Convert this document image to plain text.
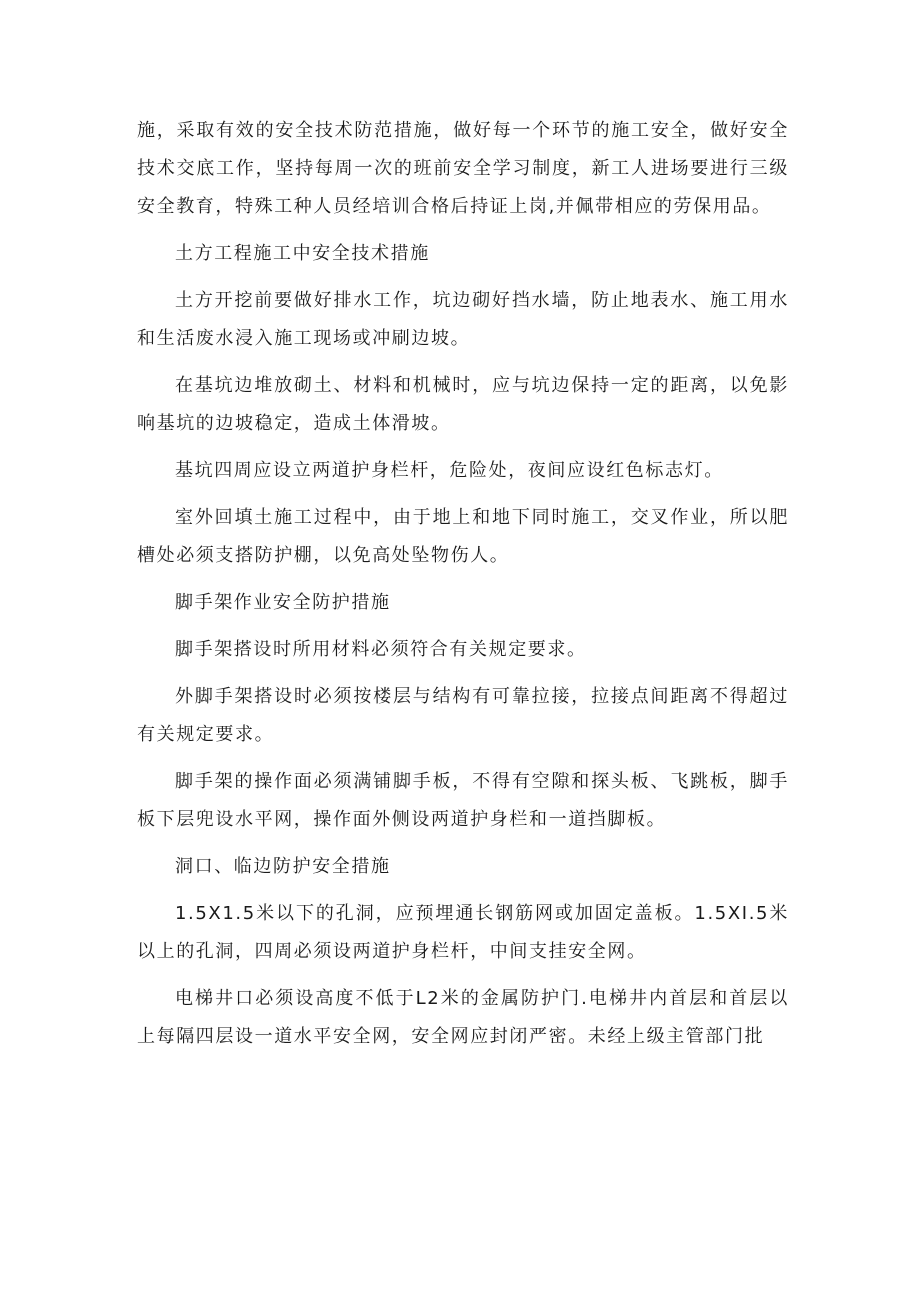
施，采取有效的安全技术防范措施，做好每一个环节的施工安全，做好安全技术交底工作，坚持每周一次的班前安全学习制度，新工人进场要进行三级安全教育，特殊工种人员经培训合格后持证上岗,并佩带相应的劳保用品。

土方工程施工中安全技术措施

土方开挖前要做好排水工作，坑边砌好挡水墙，防止地表水、施工用水和生活废水浸入施工现场或冲刷边坡。

在基坑边堆放砌土、材料和机械时，应与坑边保持一定的距离，以免影响基坑的边坡稳定，造成土体滑坡。

基坑四周应设立两道护身栏杆，危险处，夜间应设红色标志灯。

室外回填土施工过程中，由于地上和地下同时施工，交叉作业，所以肥槽处必须支搭防护棚，以免高处坠物伤人。

脚手架作业安全防护措施

脚手架搭设时所用材料必须符合有关规定要求。

外脚手架搭设时必须按楼层与结构有可靠拉接，拉接点间距离不得超过有关规定要求。

脚手架的操作面必须满铺脚手板，不得有空隙和探头板、飞跳板，脚手板下层兜设水平网，操作面外侧设两道护身栏和一道挡脚板。

洞口、临边防护安全措施

1.5X1.5米以下的孔洞，应预埋通长钢筋网或加固定盖板。1.5XI.5米以上的孔洞，四周必须设两道护身栏杆，中间支挂安全网。

电梯井口必须设高度不低于L2米的金属防护门.电梯井内首层和首层以上每隔四层设一道水平安全网，安全网应封闭严密。未经上级主管部门批
